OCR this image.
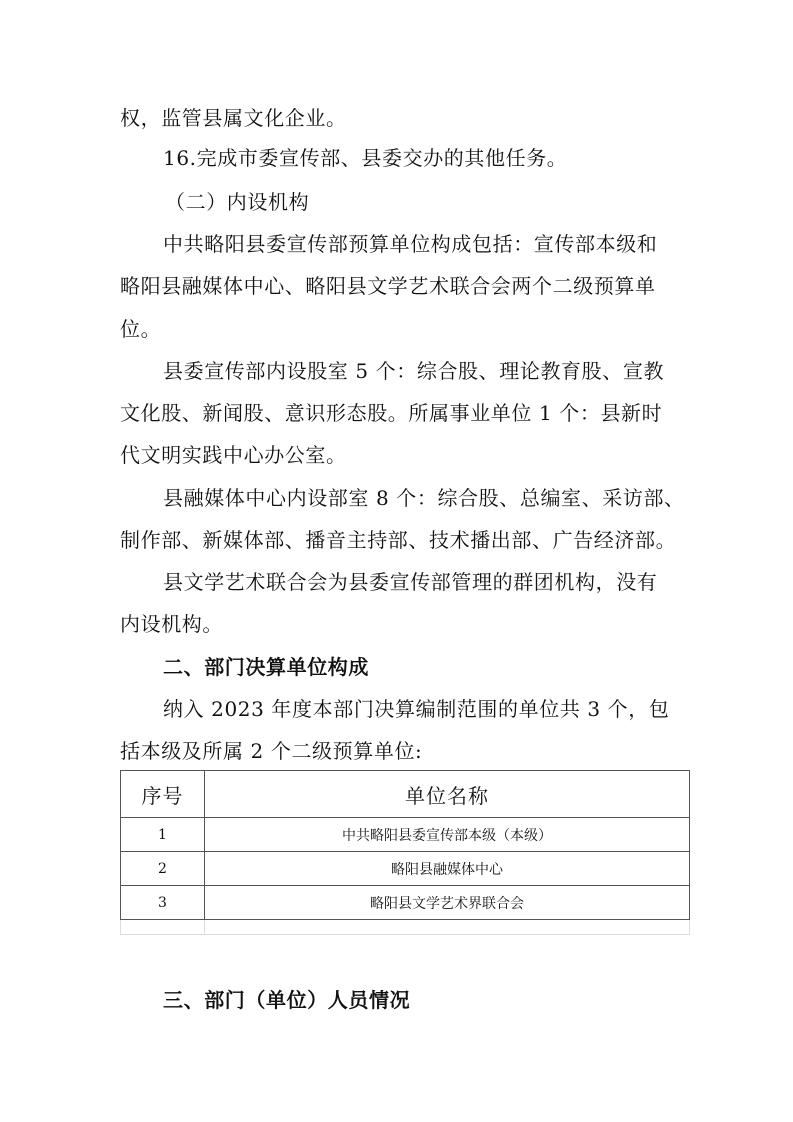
权，监管县属文化企业。
16.完成市委宣传部、县委交办的其他任务。
（二）内设机构
中共略阳县委宣传部预算单位构成包括：宣传部本级和
略阳县融媒体中心、略阳县文学艺术联合会两个二级预算单
位。
县委宣传部内设股室 5 个：综合股、理论教育股、宣教
文化股、新闻股、意识形态股。所属事业单位 1 个：县新时
代文明实践中心办公室。
县融媒体中心内设部室 8 个：综合股、总编室、采访部、
制作部、新媒体部、播音主持部、技术播出部、广告经济部。
县文学艺术联合会为县委宣传部管理的群团机构，没有
内设机构。
二、部门决算单位构成
纳入 2023 年度本部门决算编制范围的单位共 3 个，包
括本级及所属 2 个二级预算单位:
序号	单位名称
1	中共略阳县委宣传部本级（本级）
2	略阳县融媒体中心
3	略阳县文学艺术界联合会

三、部门（单位）人员情况
